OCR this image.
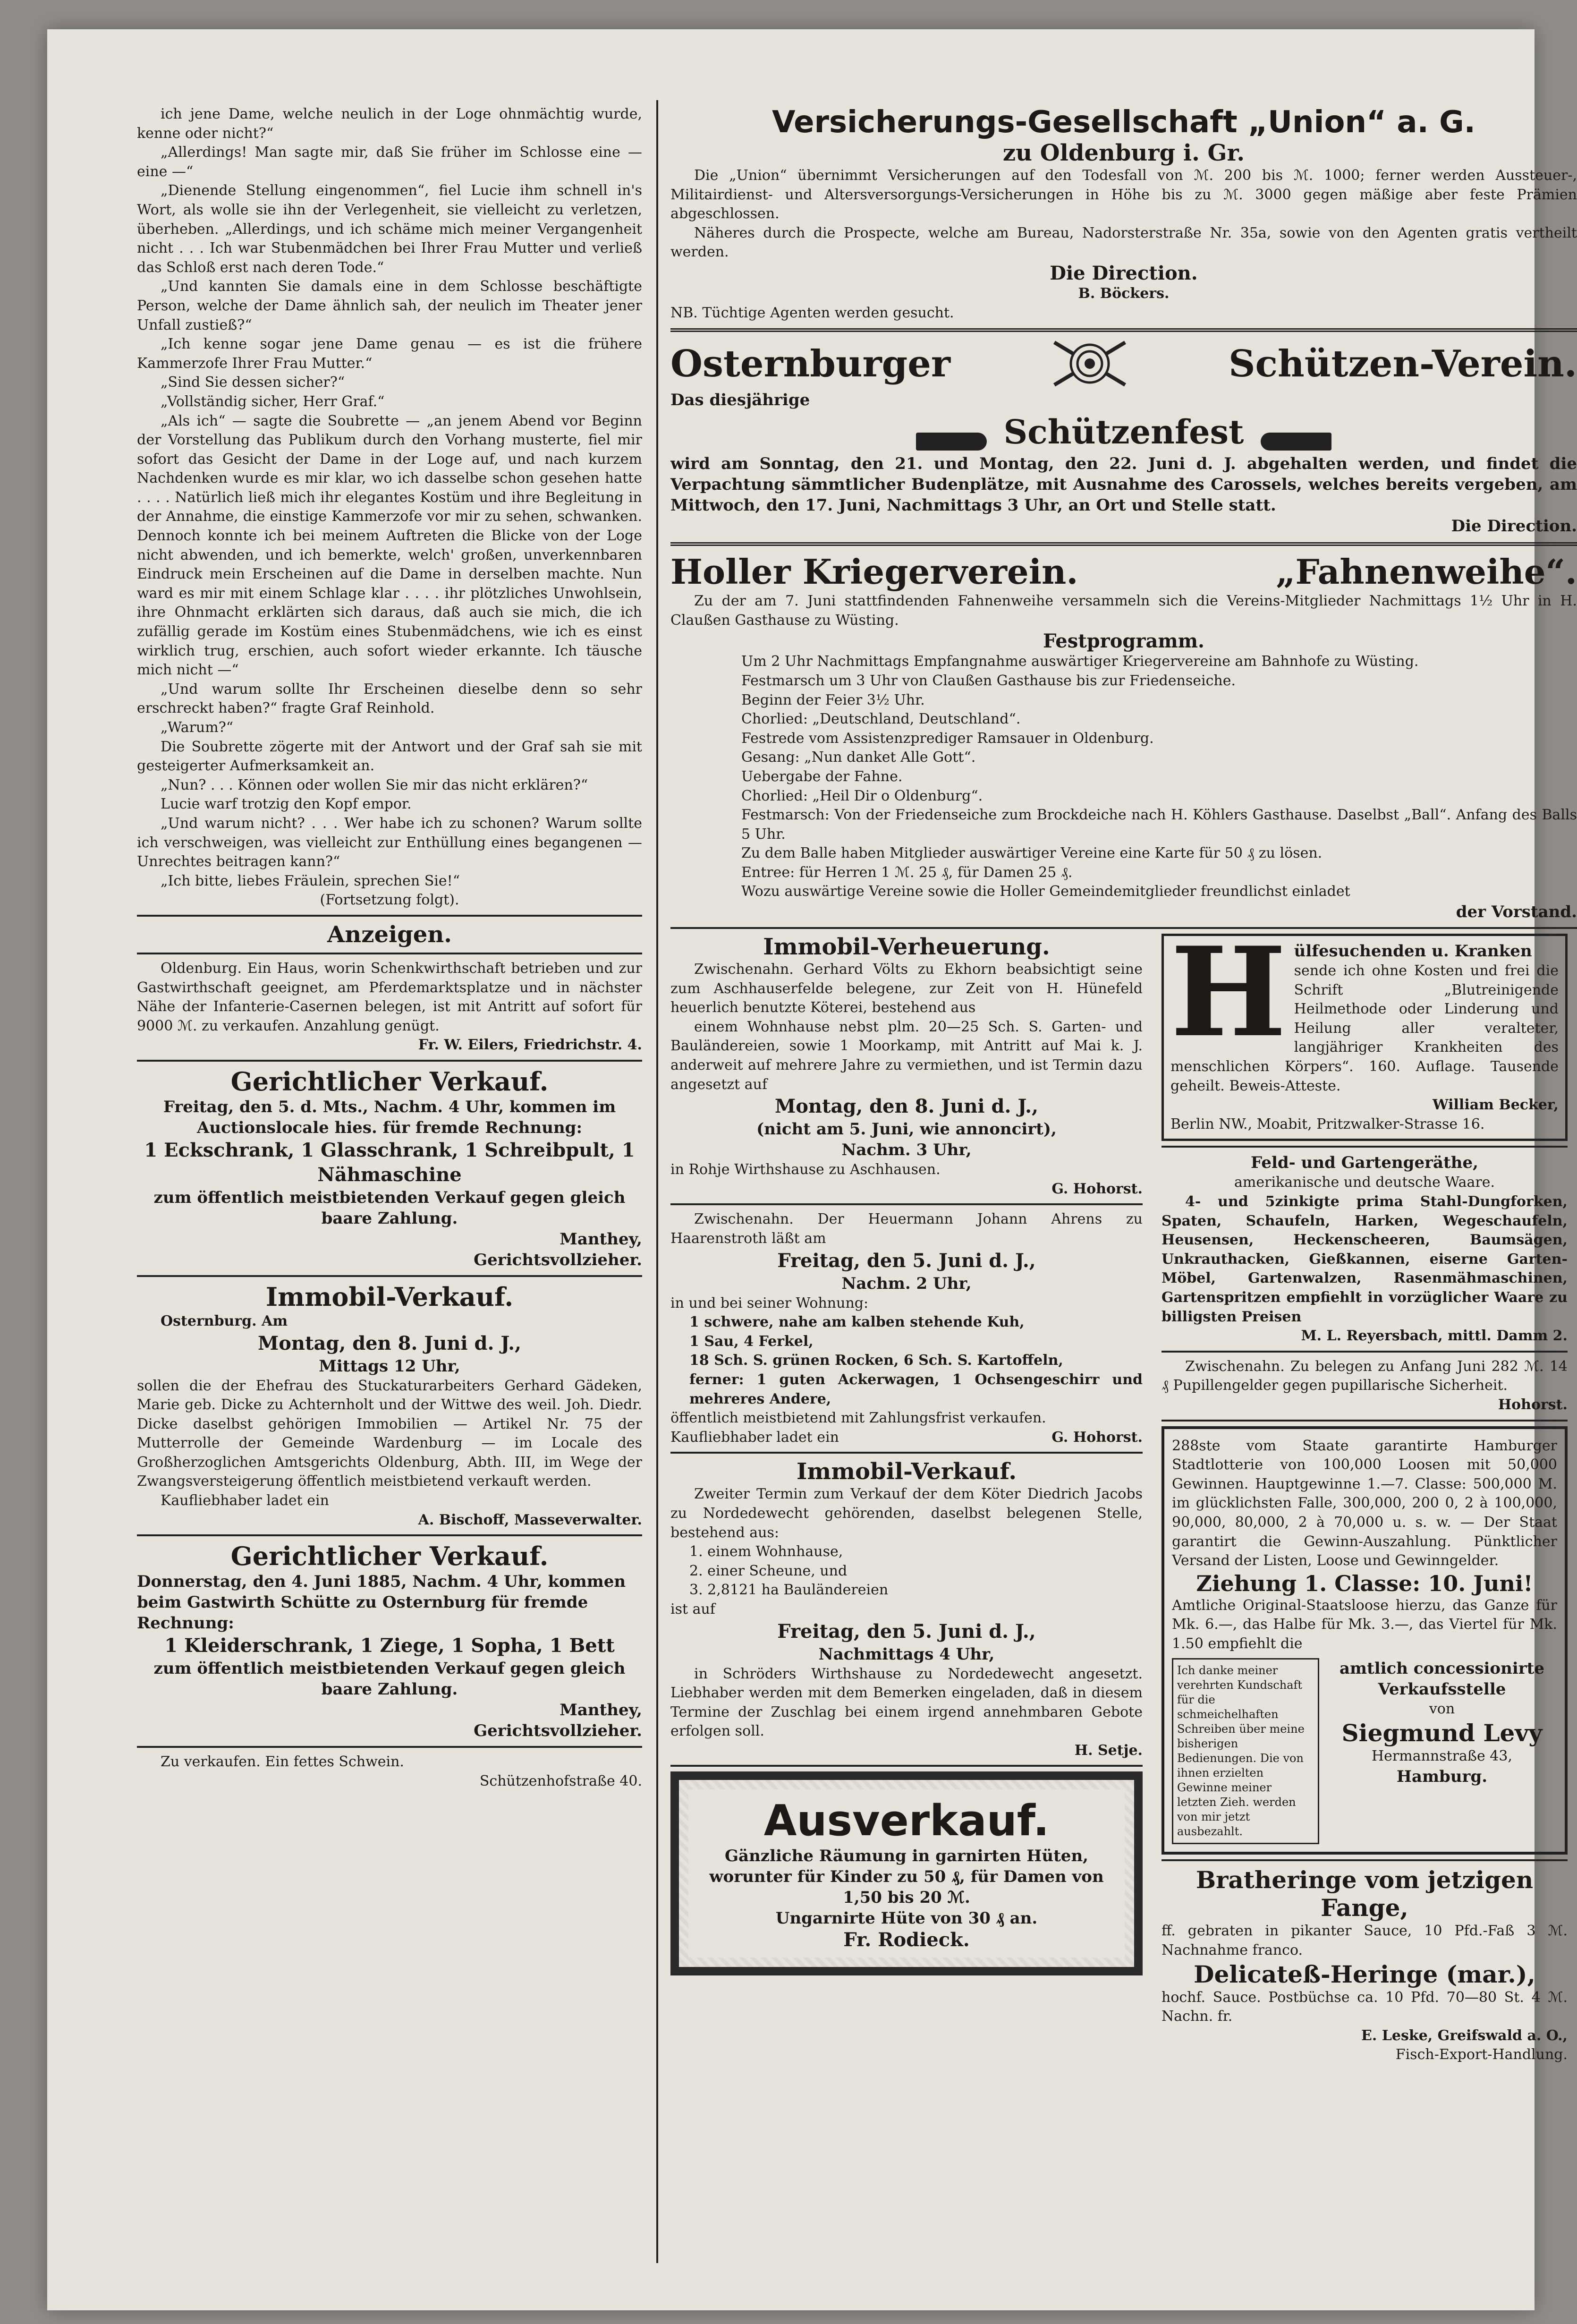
ich jene Dame, welche neulich in der Loge ohnmächtig wurde, kenne oder nicht?“

„Allerdings! Man sagte mir, daß Sie früher im Schlosse eine — eine —“

„Dienende Stellung eingenommen“, fiel Lucie ihm schnell in's Wort, als wolle sie ihn der Verlegenheit, sie vielleicht zu verletzen, überheben. „Allerdings, und ich schäme mich meiner Vergangenheit nicht . . . Ich war Stubenmädchen bei Ihrer Frau Mutter und verließ das Schloß erst nach deren Tode.“

„Und kannten Sie damals eine in dem Schlosse beschäftigte Person, welche der Dame ähnlich sah, der neulich im Theater jener Unfall zustieß?“

„Ich kenne sogar jene Dame genau — es ist die frühere Kammerzofe Ihrer Frau Mutter.“

„Sind Sie dessen sicher?“

„Vollständig sicher, Herr Graf.“

„Als ich“ — sagte die Soubrette — „an jenem Abend vor Beginn der Vorstellung das Publikum durch den Vorhang musterte, fiel mir sofort das Gesicht der Dame in der Loge auf, und nach kurzem Nachdenken wurde es mir klar, wo ich dasselbe schon gesehen hatte . . . . Natürlich ließ mich ihr elegantes Kostüm und ihre Begleitung in der Annahme, die einstige Kammerzofe vor mir zu sehen, schwanken. Dennoch konnte ich bei meinem Auftreten die Blicke von der Loge nicht abwenden, und ich bemerkte, welch' großen, unverkennbaren Eindruck mein Erscheinen auf die Dame in derselben machte. Nun ward es mir mit einem Schlage klar . . . . ihr plötzliches Unwohlsein, ihre Ohnmacht erklärten sich daraus, daß auch sie mich, die ich zufällig gerade im Kostüm eines Stubenmädchens, wie ich es einst wirklich trug, erschien, auch sofort wieder erkannte. Ich täusche mich nicht —“

„Und warum sollte Ihr Erscheinen dieselbe denn so sehr erschreckt haben?“ fragte Graf Reinhold.

„Warum?“

Die Soubrette zögerte mit der Antwort und der Graf sah sie mit gesteigerter Aufmerksamkeit an.

„Nun? . . . Können oder wollen Sie mir das nicht erklären?“

Lucie warf trotzig den Kopf empor.

„Und warum nicht? . . . Wer habe ich zu schonen? Warum sollte ich verschweigen, was vielleicht zur Enthüllung eines begangenen — Unrechtes beitragen kann?“

„Ich bitte, liebes Fräulein, sprechen Sie!“

(Fortsetzung folgt).

Anzeigen.

Oldenburg. Ein Haus, worin Schenkwirthschaft betrieben und zur Gastwirthschaft geeignet, am Pferdemarktsplatze und in nächster Nähe der Infanterie-Casernen belegen, ist mit Antritt auf sofort für 9000 ℳ. zu verkaufen. Anzahlung genügt.

Fr. W. Eilers, Friedrichstr. 4.

Gerichtlicher Verkauf.

Freitag, den 5. d. Mts., Nachm. 4 Uhr, kommen im Auctionslocale hies. für fremde Rechnung:

1 Eckschrank, 1 Glasschrank, 1 Schreibpult, 1 Nähmaschine

zum öffentlich meistbietenden Verkauf gegen gleich baare Zahlung.

Manthey,

Gerichtsvollzieher.

Immobil-Verkauf.

Osternburg. Am

Montag, den 8. Juni d. J.,

Mittags 12 Uhr,

sollen die der Ehefrau des Stuckaturarbeiters Gerhard Gädeken, Marie geb. Dicke zu Achternholt und der Wittwe des weil. Joh. Diedr. Dicke daselbst gehörigen Immobilien — Artikel Nr. 75 der Mutterrolle der Gemeinde Wardenburg — im Locale des Großherzoglichen Amtsgerichts Oldenburg, Abth. III, im Wege der Zwangsversteigerung öffentlich meistbietend verkauft werden.

Kaufliebhaber ladet ein

A. Bischoff, Masseverwalter.

Gerichtlicher Verkauf.

Donnerstag, den 4. Juni 1885, Nachm. 4 Uhr, kommen beim Gastwirth Schütte zu Osternburg für fremde Rechnung:

1 Kleiderschrank, 1 Ziege, 1 Sopha, 1 Bett

zum öffentlich meistbietenden Verkauf gegen gleich baare Zahlung.

Manthey,

Gerichtsvollzieher.

Zu verkaufen. Ein fettes Schwein.

Schützenhofstraße 40.

Versicherungs-Gesellschaft „Union“ a. G.

zu Oldenburg i. Gr.

Die „Union“ übernimmt Versicherungen auf den Todesfall von ℳ. 200 bis ℳ. 1000; ferner werden Aussteuer-, Militairdienst- und Altersversorgungs-Versicherungen in Höhe bis zu ℳ. 3000 gegen mäßige aber feste Prämien abgeschlossen.

Näheres durch die Prospecte, welche am Bureau, Nadorsterstraße Nr. 35a, sowie von den Agenten gratis vertheilt werden.

Die Direction.

B. Böckers.

NB. Tüchtige Agenten werden gesucht.

Osternburger	Schützen-Verein.

Das diesjährige

Schützenfest

wird am Sonntag, den 21. und Montag, den 22. Juni d. J. abgehalten werden, und findet die Verpachtung sämmtlicher Budenplätze, mit Ausnahme des Carossels, welches bereits vergeben, am Mittwoch, den 17. Juni, Nachmittags 3 Uhr, an Ort und Stelle statt.

Die Direction.

Holler Kriegerverein.	„Fahnenweihe“.

Zu der am 7. Juni stattfindenden Fahnenweihe versammeln sich die Vereins-Mitglieder Nachmittags 1½ Uhr in H. Claußen Gasthause zu Wüsting.

Festprogramm.

Um 2 Uhr Nachmittags Empfangnahme auswärtiger Kriegervereine am Bahnhofe zu Wüsting.

Festmarsch um 3 Uhr von Claußen Gasthause bis zur Friedenseiche.

Beginn der Feier 3½ Uhr.

Chorlied: „Deutschland, Deutschland“.

Festrede vom Assistenzprediger Ramsauer in Oldenburg.

Gesang: „Nun danket Alle Gott“.

Uebergabe der Fahne.

Chorlied: „Heil Dir o Oldenburg“.

Festmarsch: Von der Friedenseiche zum Brockdeiche nach H. Köhlers Gasthause. Daselbst „Ball“. Anfang des Balls 5 Uhr.

Zu dem Balle haben Mitglieder auswärtiger Vereine eine Karte für 50 ₰ zu lösen.

Entree: für Herren 1 ℳ. 25 ₰, für Damen 25 ₰.

Wozu auswärtige Vereine sowie die Holler Gemeindemitglieder freundlichst einladet

der Vorstand.

Immobil-Verheuerung.

Zwischenahn. Gerhard Völts zu Ekhorn beabsichtigt seine zum Aschhauserfelde belegene, zur Zeit von H. Hünefeld heuerlich benutzte Köterei, bestehend aus

einem Wohnhause nebst plm. 20—25 Sch. S. Garten- und Bauländereien, sowie 1 Moorkamp, mit Antritt auf Mai k. J. anderweit auf mehrere Jahre zu vermiethen, und ist Termin dazu angesetzt auf

Montag, den 8. Juni d. J.,

(nicht am 5. Juni, wie annoncirt),

Nachm. 3 Uhr,

in Rohje Wirthshause zu Aschhausen.

G. Hohorst.

Zwischenahn. Der Heuermann Johann Ahrens zu Haarenstroth läßt am

Freitag, den 5. Juni d. J.,

Nachm. 2 Uhr,

in und bei seiner Wohnung:

1 schwere, nahe am kalben stehende Kuh,

1 Sau, 4 Ferkel,

18 Sch. S. grünen Rocken, 6 Sch. S. Kartoffeln,

ferner: 1 guten Ackerwagen, 1 Ochsengeschirr und mehreres Andere,

öffentlich meistbietend mit Zahlungsfrist verkaufen.

Kaufliebhaber ladet ein	G. Hohorst.

Immobil-Verkauf.

Zweiter Termin zum Verkauf der dem Köter Diedrich Jacobs zu Nordedewecht gehörenden, daselbst belegenen Stelle, bestehend aus:

1. einem Wohnhause,

2. einer Scheune, und

3. 2,8121 ha Bauländereien

ist auf

Freitag, den 5. Juni d. J.,

Nachmittags 4 Uhr,

in Schröders Wirthshause zu Nordedewecht angesetzt. Liebhaber werden mit dem Bemerken eingeladen, daß in diesem Termine der Zuschlag bei einem irgend annehmbaren Gebote erfolgen soll.

H. Setje.

Ausverkauf.

Gänzliche Räumung in garnirten Hüten, worunter für Kinder zu 50 ₰, für Damen von 1,50 bis 20 ℳ.

Ungarnirte Hüte von 30 ₰ an.

Fr. Rodieck.

H ülfesuchenden u. Kranken

sende ich ohne Kosten und frei die Schrift „Blutreinigende Heilmethode oder Linderung und Heilung aller veralteter, langjähriger Krankheiten des menschlichen Körpers“. 160. Auflage. Tausende geheilt. Beweis-Atteste.

William Becker,

Berlin NW., Moabit, Pritzwalker-Strasse 16.

Feld- und Gartengeräthe,

amerikanische und deutsche Waare.

4- und 5zinkigte prima Stahl-Dungforken, Spaten, Schaufeln, Harken, Wegeschaufeln, Heusensen, Heckenscheeren, Baumsägen, Unkrauthacken, Gießkannen, eiserne Garten-Möbel, Gartenwalzen, Rasenmähmaschinen, Gartenspritzen empfiehlt in vorzüglicher Waare zu billigsten Preisen

M. L. Reyersbach, mittl. Damm 2.

Zwischenahn. Zu belegen zu Anfang Juni 282 ℳ. 14 ₰ Pupillengelder gegen pupillarische Sicherheit.

Hohorst.

288ste vom Staate garantirte Hamburger Stadtlotterie von 100,000 Loosen mit 50,000 Gewinnen. Hauptgewinne 1.—7. Classe: 500,000 M. im glücklichsten Falle, 300,000, 200 0, 2 à 100,000, 90,000, 80,000, 2 à 70,000 u. s. w. — Der Staat garantirt die Gewinn-Auszahlung. Pünktlicher Versand der Listen, Loose und Gewinngelder.

Ziehung 1. Classe: 10. Juni!

Amtliche Original-Staatsloose hierzu, das Ganze für Mk. 6.—, das Halbe für Mk. 3.—, das Viertel für Mk. 1.50 empfiehlt die

Ich danke meiner verehrten Kundschaft für die schmeichelhaften Schreiben über meine bisherigen Bedienungen. Die von ihnen erzielten Gewinne meiner letzten Zieh. werden von mir jetzt ausbezahlt.

amtlich concessionirte Verkaufsstelle

von

Siegmund Levy

Hermannstraße 43,

Hamburg.

Bratheringe vom jetzigen Fange,

ff. gebraten in pikanter Sauce, 10 Pfd.-Faß 3 ℳ. Nachnahme franco.

Delicateß-Heringe (mar.),

hochf. Sauce. Postbüchse ca. 10 Pfd. 70—80 St. 4 ℳ. Nachn. fr.

E. Leske, Greifswald a. O.,

Fisch-Export-Handlung.
